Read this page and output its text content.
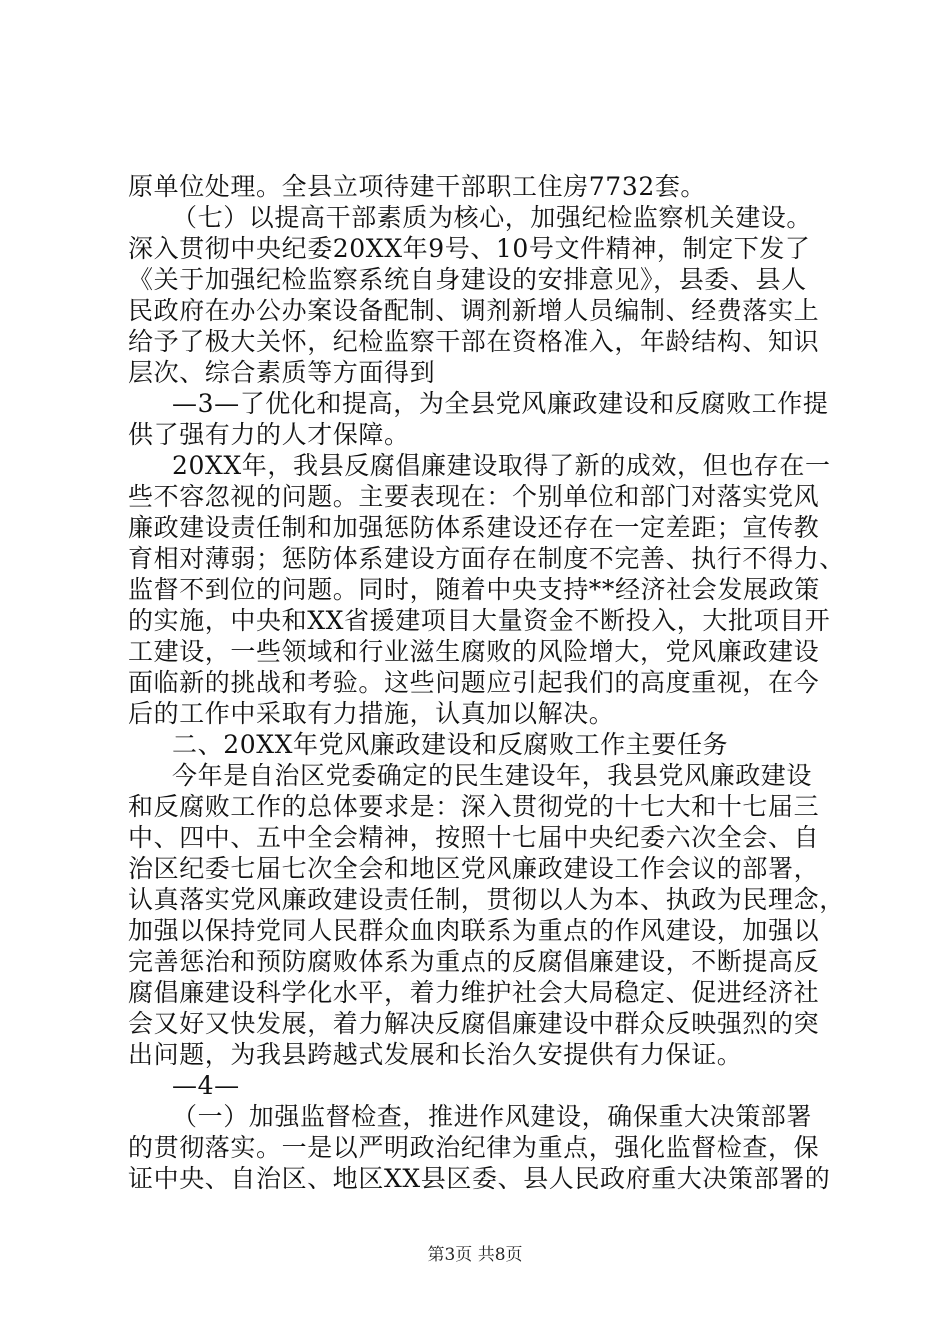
原单位处理。全县立项待建干部职工住房7732套。
（七）以提高干部素质为核心，加强纪检监察机关建设。
深入贯彻中央纪委20XX年9号、10号文件精神，制定下发了
《关于加强纪检监察系统自身建设的安排意见》，县委、县人
民政府在办公办案设备配制、调剂新增人员编制、经费落实上
给予了极大关怀，纪检监察干部在资格准入，年龄结构、知识
层次、综合素质等方面得到
—3—了优化和提高，为全县党风廉政建设和反腐败工作提
供了强有力的人才保障。
20XX年，我县反腐倡廉建设取得了新的成效，但也存在一
些不容忽视的问题。主要表现在：个别单位和部门对落实党风
廉政建设责任制和加强惩防体系建设还存在一定差距；宣传教
育相对薄弱；惩防体系建设方面存在制度不完善、执行不得力、
监督不到位的问题。同时，随着中央支持**经济社会发展政策
的实施，中央和XX省援建项目大量资金不断投入，大批项目开
工建设，一些领域和行业滋生腐败的风险增大，党风廉政建设
面临新的挑战和考验。这些问题应引起我们的高度重视，在今
后的工作中采取有力措施，认真加以解决。
二、20XX年党风廉政建设和反腐败工作主要任务
今年是自治区党委确定的民生建设年，我县党风廉政建设
和反腐败工作的总体要求是：深入贯彻党的十七大和十七届三
中、四中、五中全会精神，按照十七届中央纪委六次全会、自
治区纪委七届七次全会和地区党风廉政建设工作会议的部署，
认真落实党风廉政建设责任制，贯彻以人为本、执政为民理念，
加强以保持党同人民群众血肉联系为重点的作风建设，加强以
完善惩治和预防腐败体系为重点的反腐倡廉建设，不断提高反
腐倡廉建设科学化水平，着力维护社会大局稳定、促进经济社
会又好又快发展，着力解决反腐倡廉建设中群众反映强烈的突
出问题，为我县跨越式发展和长治久安提供有力保证。
—4—
（一）加强监督检查，推进作风建设，确保重大决策部署
的贯彻落实。一是以严明政治纪律为重点，强化监督检查，保
证中央、自治区、地区XX县区委、县人民政府重大决策部署的
第3页 共8页
